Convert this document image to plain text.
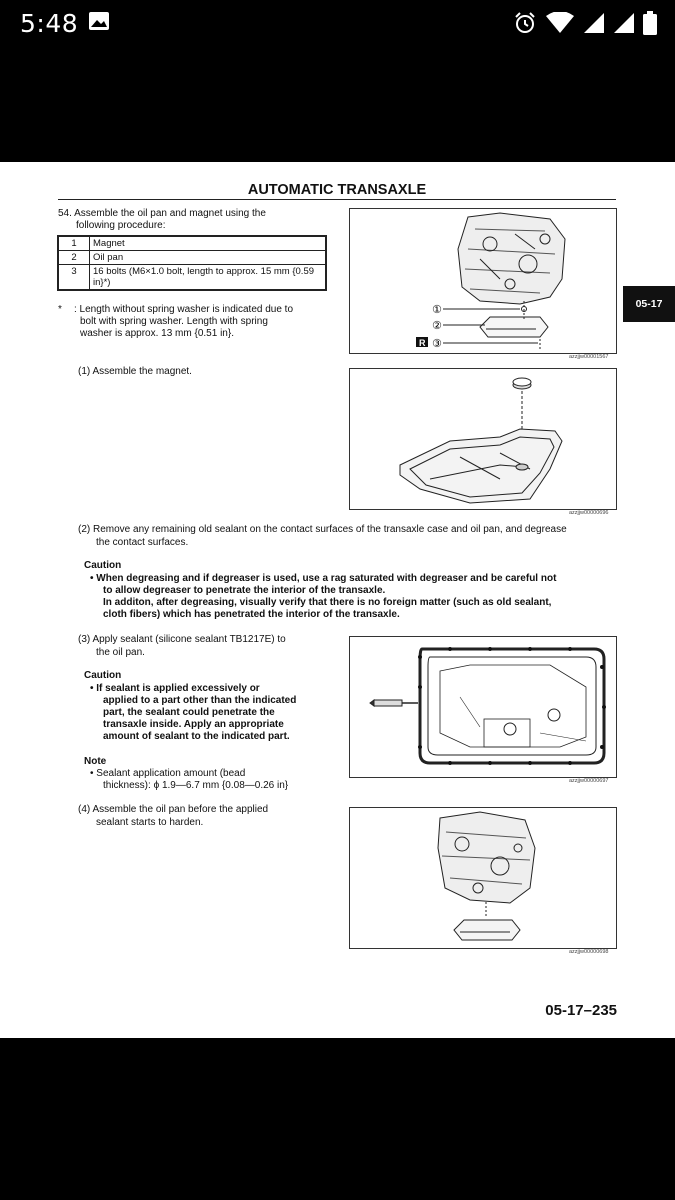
5:48
AUTOMATIC TRANSAXLE
54. Assemble the oil pan and magnet using the
following procedure:
1	Magnet
2	Oil pan
3	16 bolts (M6×1.0 bolt, length to approx. 15 mm {0.59 in}*)
* : Length without spring washer is indicated due to
bolt with spring washer. Length with spring
washer is approx. 13 mm {0.51 in}.
①
②
R ③
azzjjw00001567
(1) Assemble the magnet.
azzjjw00000696
(2) Remove any remaining old sealant on the contact surfaces of the transaxle case and oil pan, and degrease
the contact surfaces.
Caution
• When degreasing and if degreaser is used, use a rag saturated with degreaser and be careful not
to allow degreaser to penetrate the interior of the transaxle.
In additon, after degreasing, visually verify that there is no foreign matter (such as old sealant,
cloth fibers) which has penetrated the interior of the transaxle.
(3) Apply sealant (silicone sealant TB1217E) to
the oil pan.
Caution
• If sealant is applied excessively or
applied to a part other than the indicated
part, the sealant could penetrate the
transaxle inside. Apply an appropriate
amount of sealant to the indicated part.
Note
• Sealant application amount (bead
thickness): ϕ 1.9—6.7 mm {0.08—0.26 in}	azzjjw00000697
(4) Assemble the oil pan before the applied
sealant starts to harden.
azzjjw00000698
05-17
05-17–235
